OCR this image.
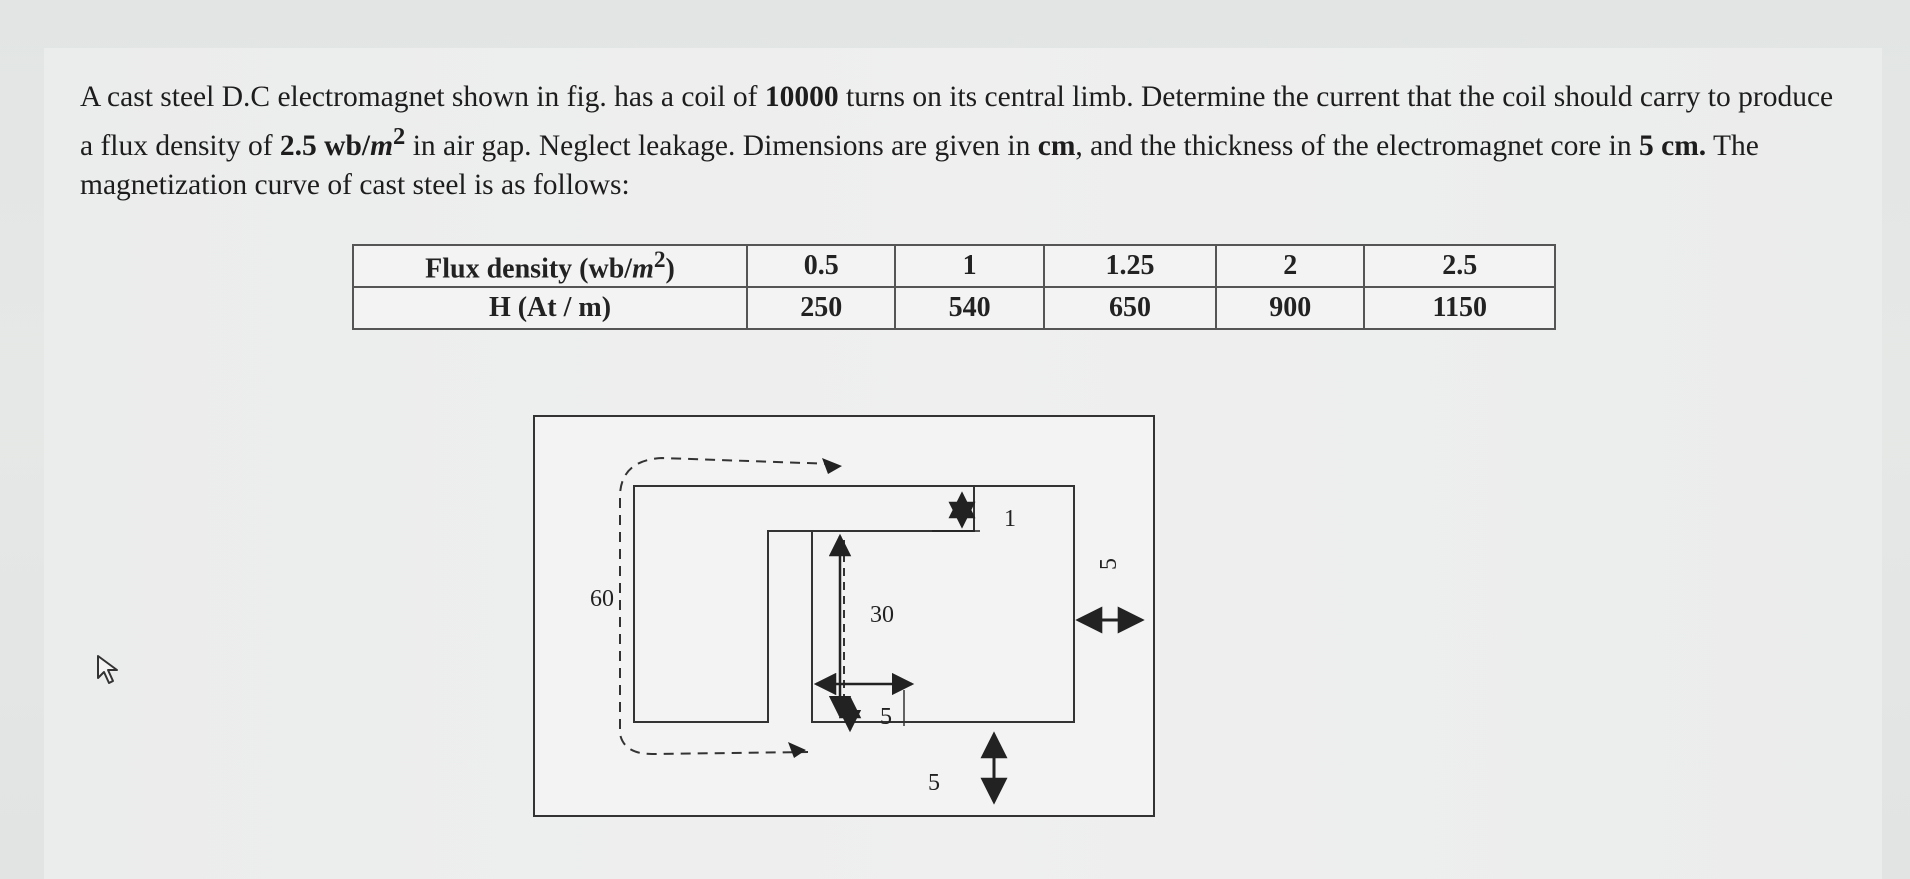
A cast steel D.C electromagnet shown in fig. has a coil of 10000 turns on its central limb. Determine the current that the coil should carry to produce a flux density of 2.5 $wb/m^2$ in air gap. Neglect leakage. Dimensions are given in cm, and the thickness of the electromagnet core in 5 cm. The magnetization curve of cast steel is as follows:

Flux density $(wb/m^2)$	0.5	1	1.25	2	2.5
H (At / m)	250	540	650	900	1150
1
5
60
30
5
5
